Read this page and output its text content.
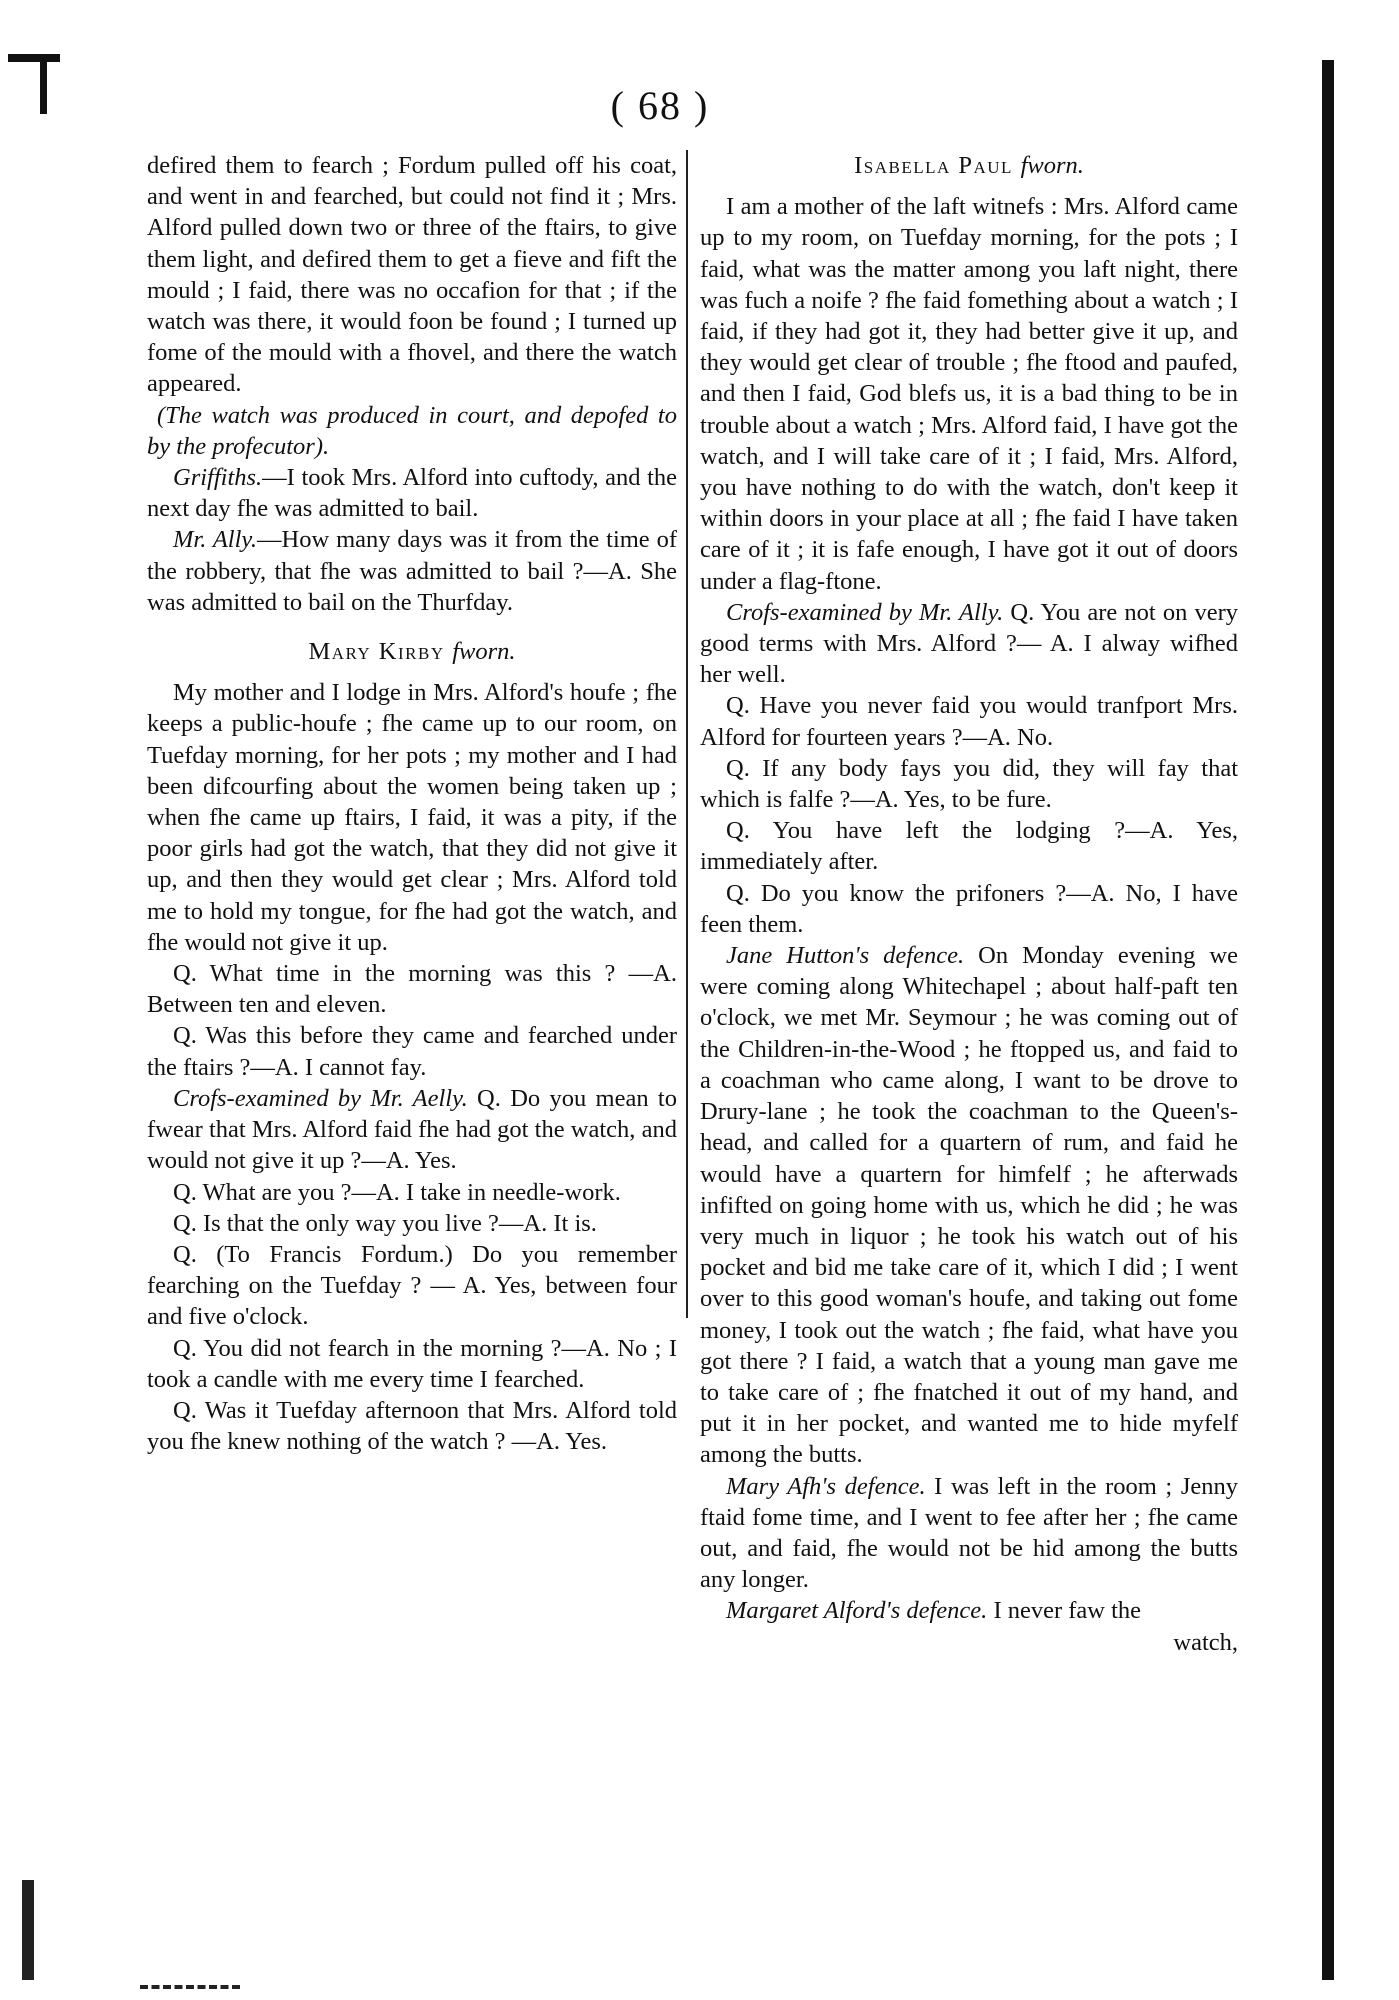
( 68 )

defired them to fearch ; Fordum pulled off his coat, and went in and fearched, but could not find it ; Mrs. Alford pulled down two or three of the ftairs, to give them light, and defired them to get a fieve and fift the mould ; I faid, there was no occafion for that ; if the watch was there, it would foon be found ; I turned up fome of the mould with a fhovel, and there the watch appeared.

(The watch was produced in court, and depofed to by the profecutor).

Griffiths.—I took Mrs. Alford into cuftody, and the next day fhe was admitted to bail.

Mr. Ally.—How many days was it from the time of the robbery, that fhe was admitted to bail ?—A. She was admitted to bail on the Thurfday.

Mary Kirby fworn.

My mother and I lodge in Mrs. Alford's houfe ; fhe keeps a public-houfe ; fhe came up to our room, on Tuefday morning, for her pots ; my mother and I had been difcourfing about the women being taken up ; when fhe came up ftairs, I faid, it was a pity, if the poor girls had got the watch, that they did not give it up, and then they would get clear ; Mrs. Alford told me to hold my tongue, for fhe had got the watch, and fhe would not give it up.

Q. What time in the morning was this ? —A. Between ten and eleven.

Q. Was this before they came and fearched under the ftairs ?—A. I cannot fay.

Crofs-examined by Mr. Aelly. Q. Do you mean to fwear that Mrs. Alford faid fhe had got the watch, and would not give it up ?—A. Yes.

Q. What are you ?—A. I take in needle-work.

Q. Is that the only way you live ?—A. It is.

Q. (To Francis Fordum.) Do you remember fearching on the Tuefday ? — A. Yes, between four and five o'clock.

Q. You did not fearch in the morning ?—A. No ; I took a candle with me every time I fearched.

Q. Was it Tuefday afternoon that Mrs. Alford told you fhe knew nothing of the watch ? —A. Yes.

Isabella Paul fworn.

I am a mother of the laft witnefs : Mrs. Alford came up to my room, on Tuefday morning, for the pots ; I faid, what was the matter among you laft night, there was fuch a noife ? fhe faid fomething about a watch ; I faid, if they had got it, they had better give it up, and they would get clear of trouble ; fhe ftood and paufed, and then I faid, God blefs us, it is a bad thing to be in trouble about a watch ; Mrs. Alford faid, I have got the watch, and I will take care of it ; I faid, Mrs. Alford, you have nothing to do with the watch, don't keep it within doors in your place at all ; fhe faid I have taken care of it ; it is fafe enough, I have got it out of doors under a flag-ftone.

Crofs-examined by Mr. Ally. Q. You are not on very good terms with Mrs. Alford ?— A. I alway wifhed her well.

Q. Have you never faid you would tranfport Mrs. Alford for fourteen years ?—A. No.

Q. If any body fays you did, they will fay that which is falfe ?—A. Yes, to be fure.

Q. You have left the lodging ?—A. Yes, immediately after.

Q. Do you know the prifoners ?—A. No, I have feen them.

Jane Hutton's defence. On Monday evening we were coming along Whitechapel ; about half-paft ten o'clock, we met Mr. Seymour ; he was coming out of the Children-in-the-Wood ; he ftopped us, and faid to a coachman who came along, I want to be drove to Drury-lane ; he took the coachman to the Queen's-head, and called for a quartern of rum, and faid he would have a quartern for himfelf ; he afterwads infifted on going home with us, which he did ; he was very much in liquor ; he took his watch out of his pocket and bid me take care of it, which I did ; I went over to this good woman's houfe, and taking out fome money, I took out the watch ; fhe faid, what have you got there ? I faid, a watch that a young man gave me to take care of ; fhe fnatched it out of my hand, and put it in her pocket, and wanted me to hide myfelf among the butts.

Mary Afh's defence. I was left in the room ; Jenny ftaid fome time, and I went to fee after her ; fhe came out, and faid, fhe would not be hid among the butts any longer.

Margaret Alford's defence. I never faw the

watch,
